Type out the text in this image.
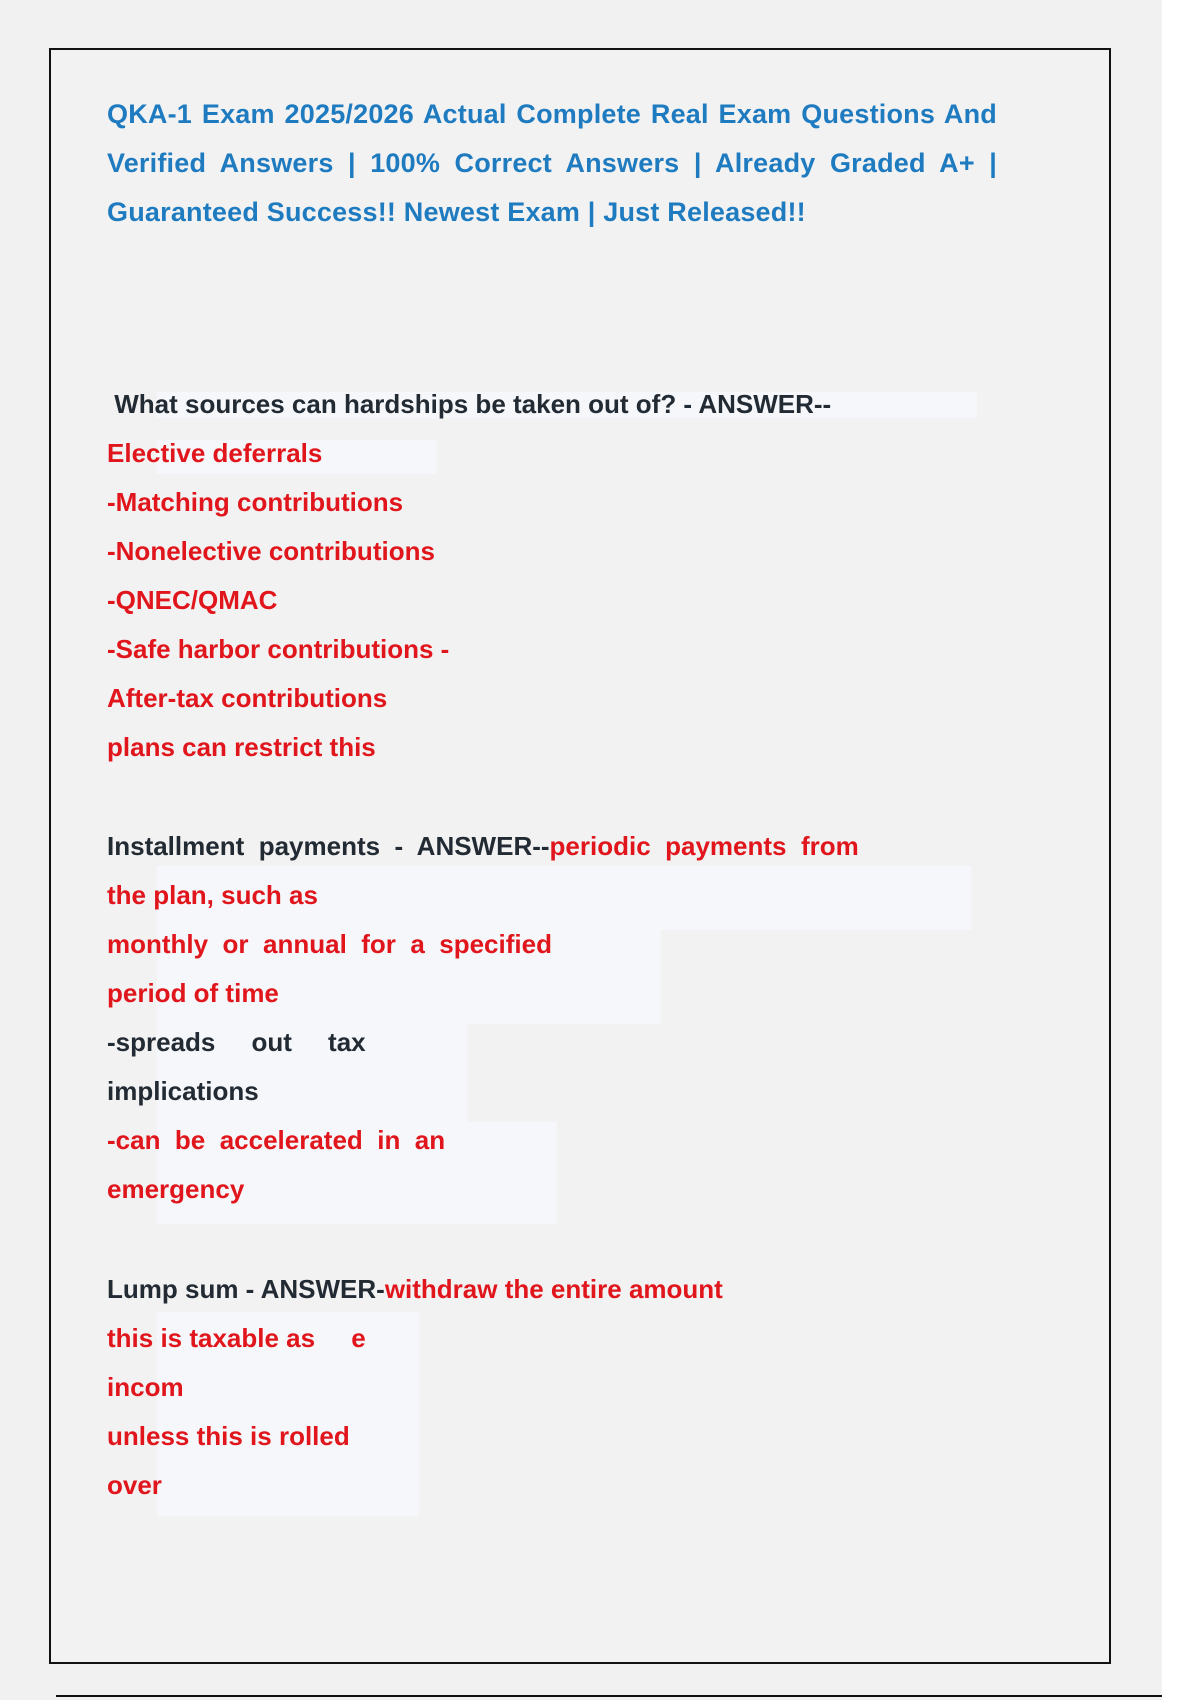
QKA-1 Exam 2025/2026 Actual Complete Real Exam Questions And Verified Answers | 100% Correct Answers | Already Graded A+ | Guaranteed Success!! Newest Exam | Just Released!!
What sources can hardships be taken out of? - ANSWER--
Elective deferrals
-Matching contributions
-Nonelective contributions
-QNEC/QMAC
-Safe harbor contributions -
After-tax contributions
plans can restrict this
Installment  payments  -  ANSWER--periodic  payments  from
the plan, such as
monthly  or  annual  for  a  specified
period of time
-spreads     out     tax
implications
-can  be  accelerated  in  an
emergency
Lump sum - ANSWER-withdraw the entire amount
this is taxable as     e
incom
unless this is rolled
over
